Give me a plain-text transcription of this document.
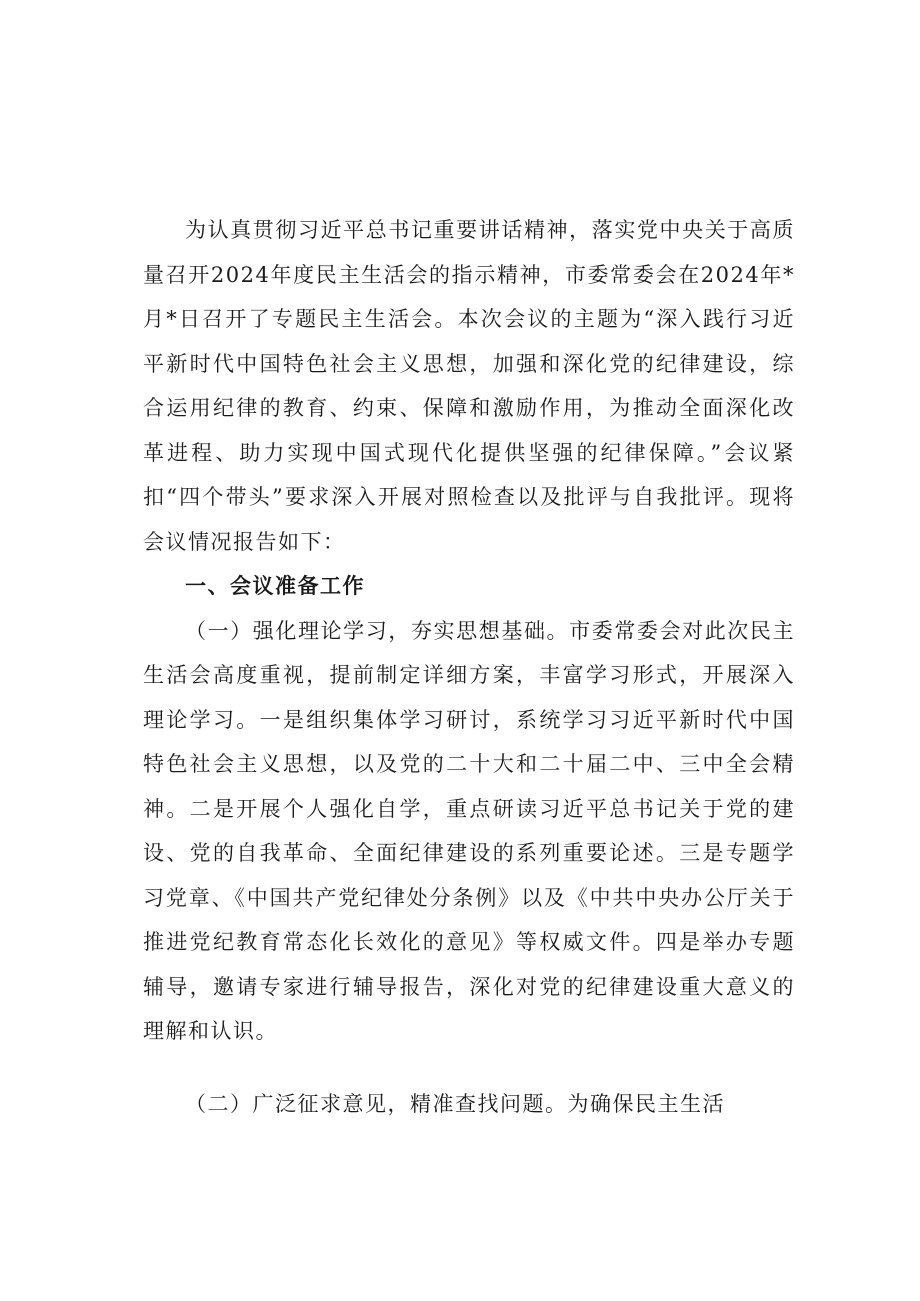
为认真贯彻习近平总书记重要讲话精神，落实党中央关于高质量召开2024年度民主生活会的指示精神，市委常委会在2024年*月*日召开了专题民主生活会。本次会议的主题为“深入践行习近平新时代中国特色社会主义思想，加强和深化党的纪律建设，综合运用纪律的教育、约束、保障和激励作用，为推动全面深化改革进程、助力实现中国式现代化提供坚强的纪律保障。”会议紧扣“四个带头”要求深入开展对照检查以及批评与自我批评。现将会议情况报告如下：

一、会议准备工作

（一）强化理论学习，夯实思想基础。市委常委会对此次民主生活会高度重视，提前制定详细方案，丰富学习形式，开展深入理论学习。一是组织集体学习研讨，系统学习习近平新时代中国特色社会主义思想，以及党的二十大和二十届二中、三中全会精神。二是开展个人强化自学，重点研读习近平总书记关于党的建设、党的自我革命、全面纪律建设的系列重要论述。三是专题学习党章、《中国共产党纪律处分条例》以及《中共中央办公厅关于推进党纪教育常态化长效化的意见》等权威文件。四是举办专题辅导，邀请专家进行辅导报告，深化对党的纪律建设重大意义的理解和认识。

（二）广泛征求意见，精准查找问题。为确保民主生活
